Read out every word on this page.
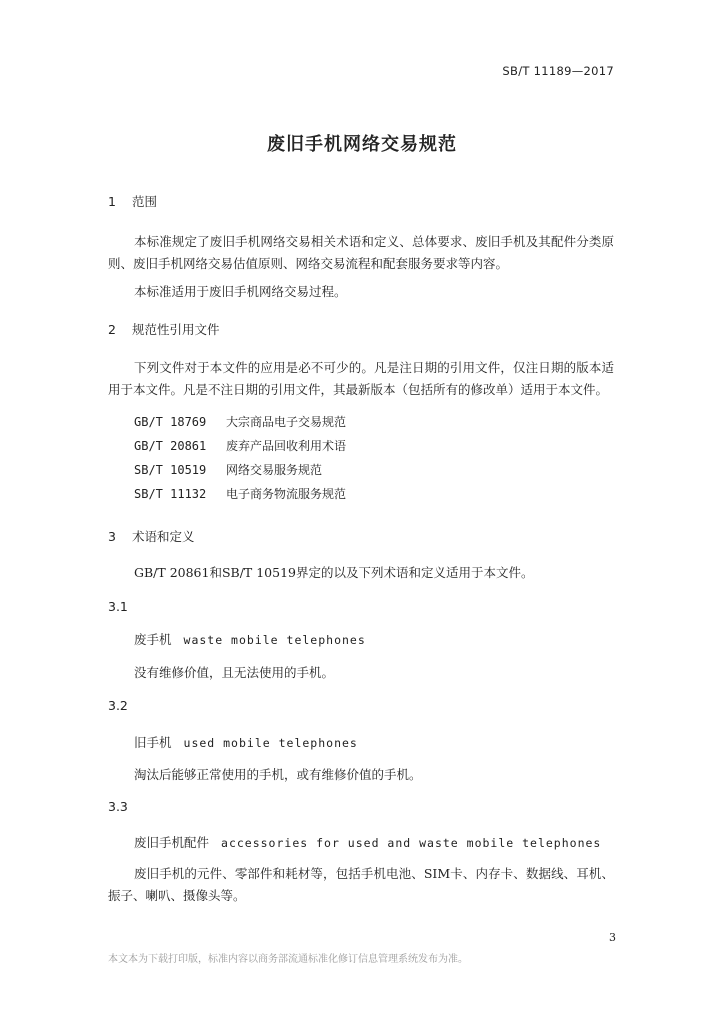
SB/T 11189—2017
废旧手机网络交易规范
1 范围
本标准规定了废旧手机网络交易相关术语和定义、总体要求、废旧手机及其配件分类原则、废旧手机网络交易估值原则、网络交易流程和配套服务要求等内容。
本标准适用于废旧手机网络交易过程。
2 规范性引用文件
下列文件对于本文件的应用是必不可少的。凡是注日期的引用文件，仅注日期的版本适用于本文件。凡是不注日期的引用文件，其最新版本（包括所有的修改单）适用于本文件。
GB/T 18769 大宗商品电子交易规范
GB/T 20861 废弃产品回收利用术语
SB/T 10519 网络交易服务规范
SB/T 11132 电子商务物流服务规范
3 术语和定义
GB/T 20861和SB/T 10519界定的以及下列术语和定义适用于本文件。
3.1
废手机 waste mobile telephones
没有维修价值，且无法使用的手机。
3.2
旧手机 used mobile telephones
淘汰后能够正常使用的手机，或有维修价值的手机。
3.3
废旧手机配件 accessories for used and waste mobile telephones
废旧手机的元件、零部件和耗材等，包括手机电池、SIM卡、内存卡、数据线、耳机、振子、喇叭、摄像头等。
3
本文本为下载打印版，标准内容以商务部流通标准化修订信息管理系统发布为准。
